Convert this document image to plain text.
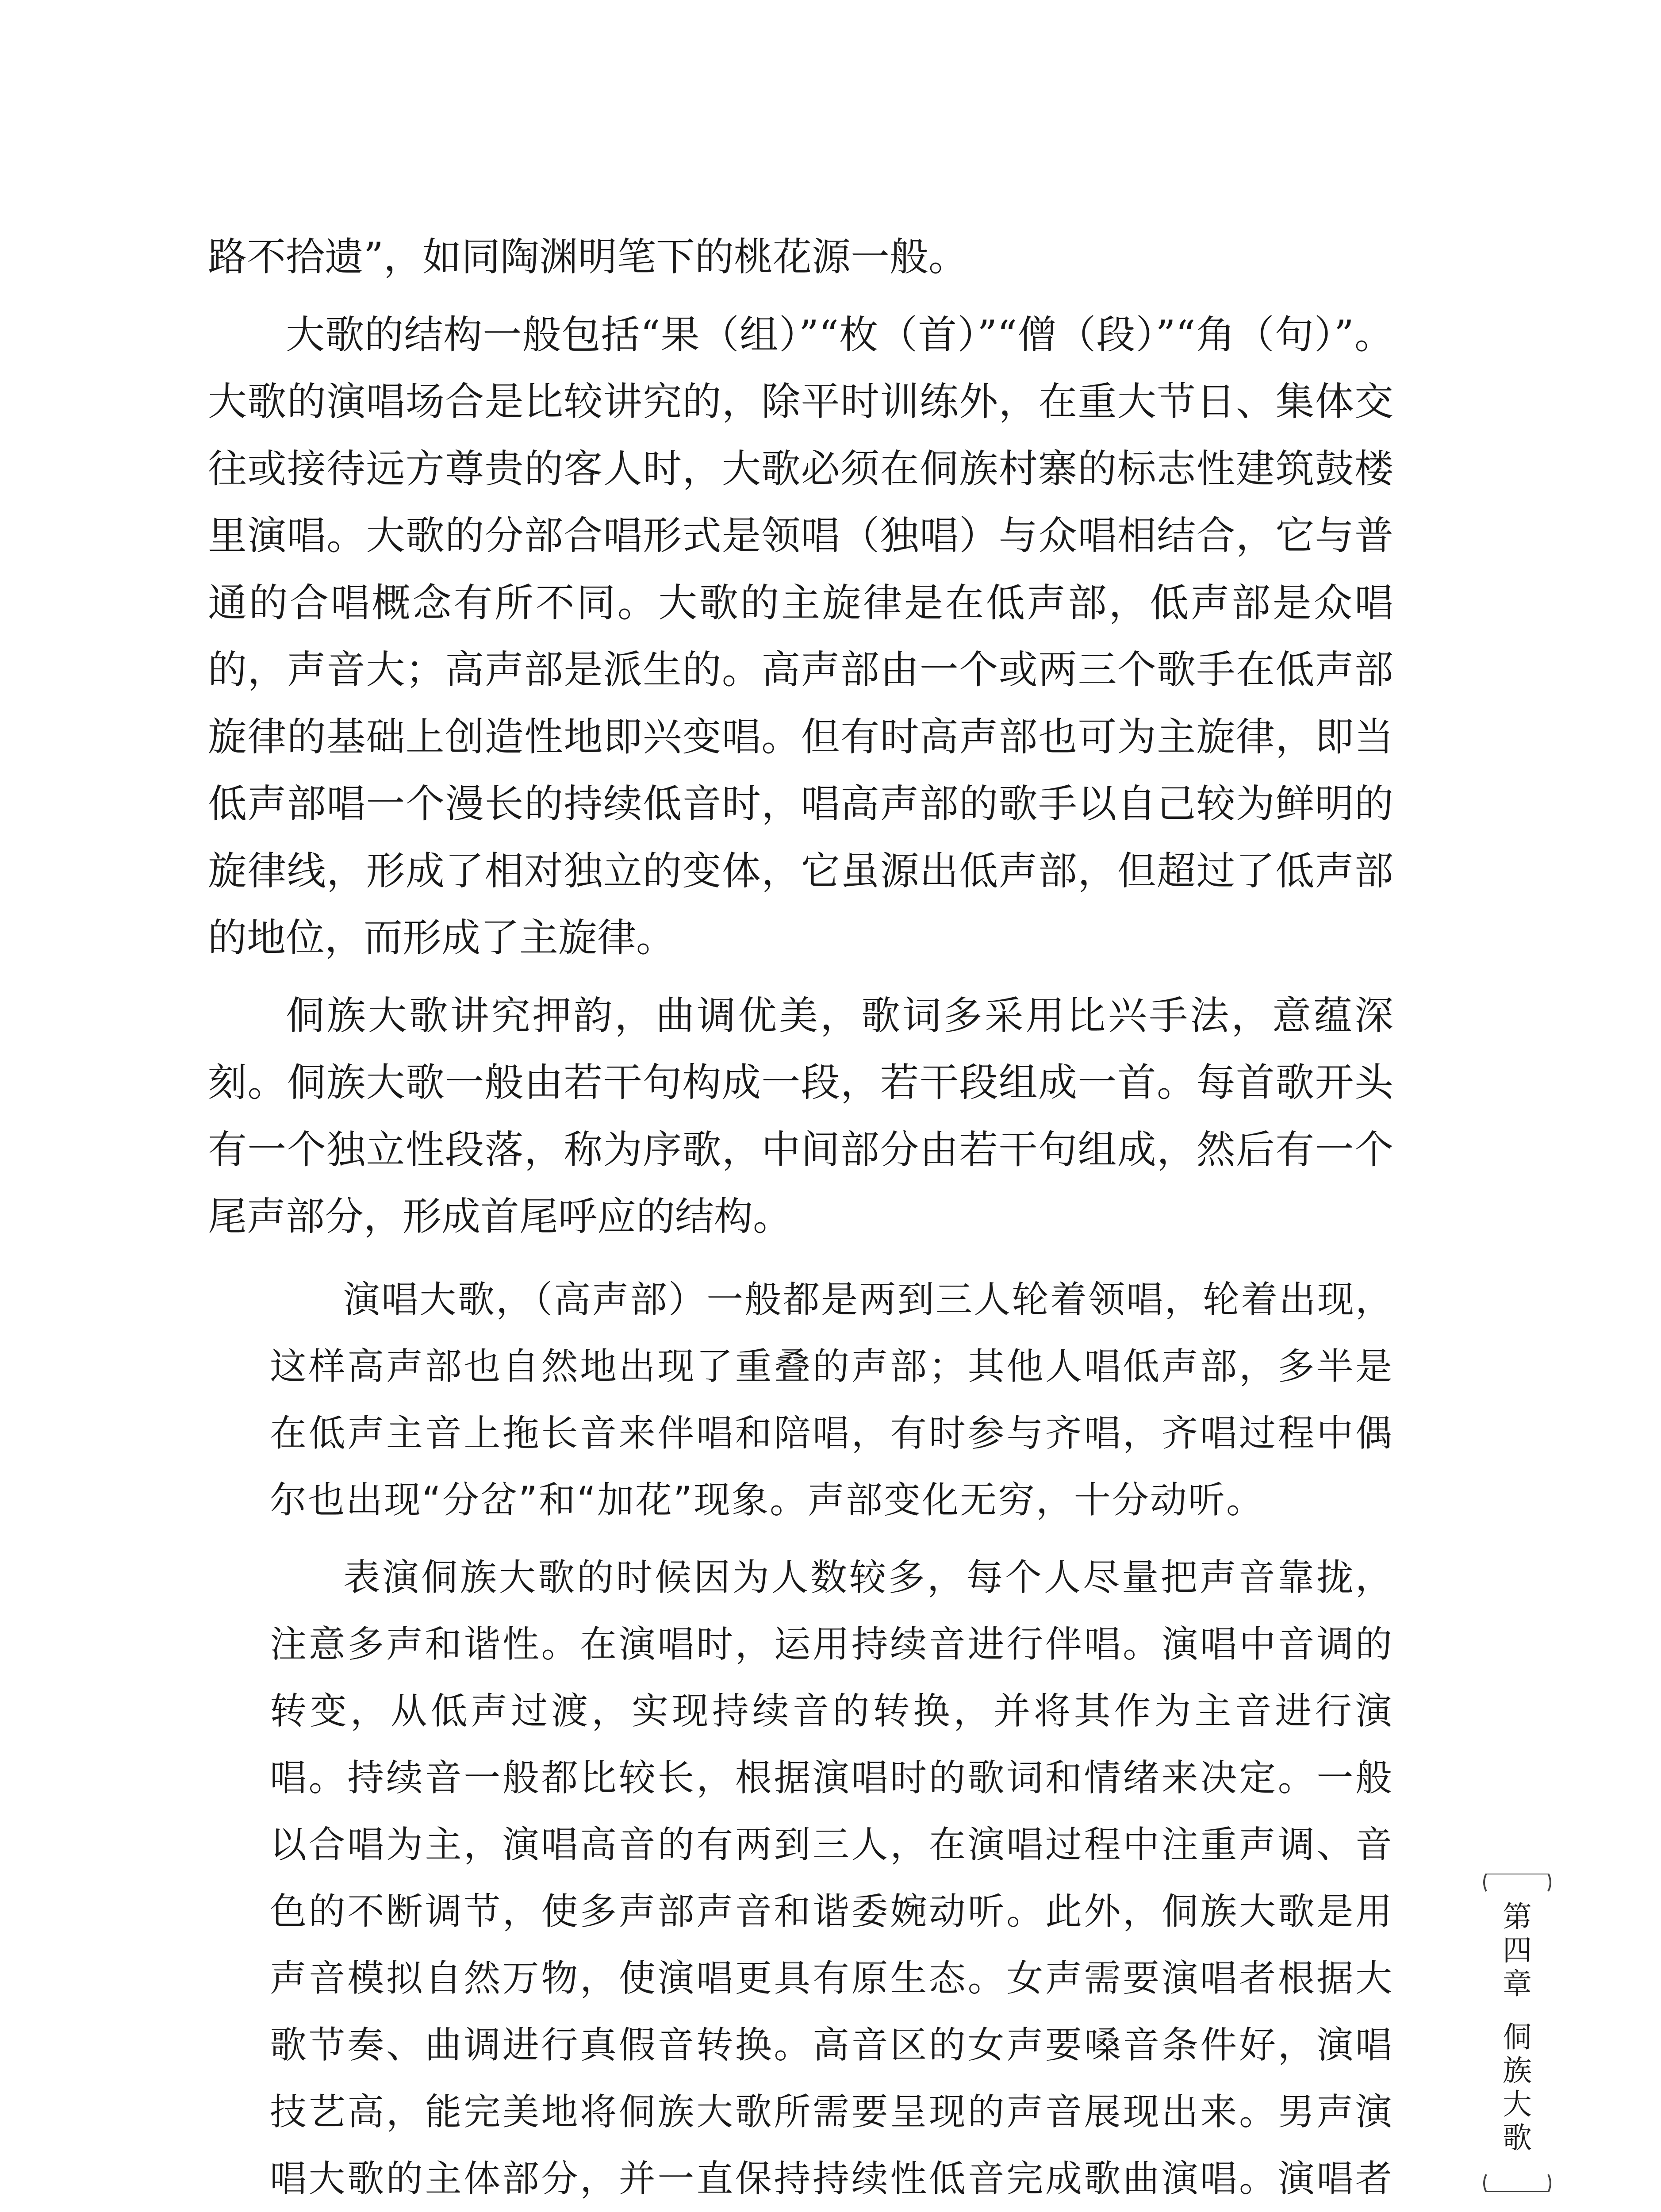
路不拾遗”，如同陶渊明笔下的桃花源一般。

大歌的结构一般包括“果（组）”“枚（首）”“僧（段）”“角（句）”。大歌的演唱场合是比较讲究的，除平时训练外，在重大节日、集体交往或接待远方尊贵的客人时，大歌必须在侗族村寨的标志性建筑鼓楼里演唱。大歌的分部合唱形式是领唱（独唱）与众唱相结合，它与普通的合唱概念有所不同。大歌的主旋律是在低声部，低声部是众唱的，声音大；高声部是派生的。高声部由一个或两三个歌手在低声部旋律的基础上创造性地即兴变唱。但有时高声部也可为主旋律，即当低声部唱一个漫长的持续低音时，唱高声部的歌手以自己较为鲜明的旋律线，形成了相对独立的变体，它虽源出低声部，但超过了低声部的地位，而形成了主旋律。

侗族大歌讲究押韵，曲调优美，歌词多采用比兴手法，意蕴深刻。侗族大歌一般由若干句构成一段，若干段组成一首。每首歌开头有一个独立性段落，称为序歌，中间部分由若干句组成，然后有一个尾声部分，形成首尾呼应的结构。

演唱大歌，（高声部）一般都是两到三人轮着领唱，轮着出现，这样高声部也自然地出现了重叠的声部；其他人唱低声部，多半是在低声主音上拖长音来伴唱和陪唱，有时参与齐唱，齐唱过程中偶尔也出现“分岔”和“加花”现象。声部变化无穷，十分动听。

表演侗族大歌的时候因为人数较多，每个人尽量把声音靠拢，注意多声和谐性。在演唱时，运用持续音进行伴唱。演唱中音调的转变，从低声过渡，实现持续音的转换，并将其作为主音进行演唱。持续音一般都比较长，根据演唱时的歌词和情绪来决定。一般以合唱为主，演唱高音的有两到三人，在演唱过程中注重声调、音色的不断调节，使多声部声音和谐委婉动听。此外，侗族大歌是用声音模拟自然万物，使演唱更具有原生态。女声需要演唱者根据大歌节奏、曲调进行真假音转换。高音区的女声要嗓音条件好，演唱技艺高，能完美地将侗族大歌所需要呈现的声音展现出来。男声演唱大歌的主体部分，并一直保持持续性低音完成歌曲演唱。演唱者

第
四
章
侗
族
大
歌
